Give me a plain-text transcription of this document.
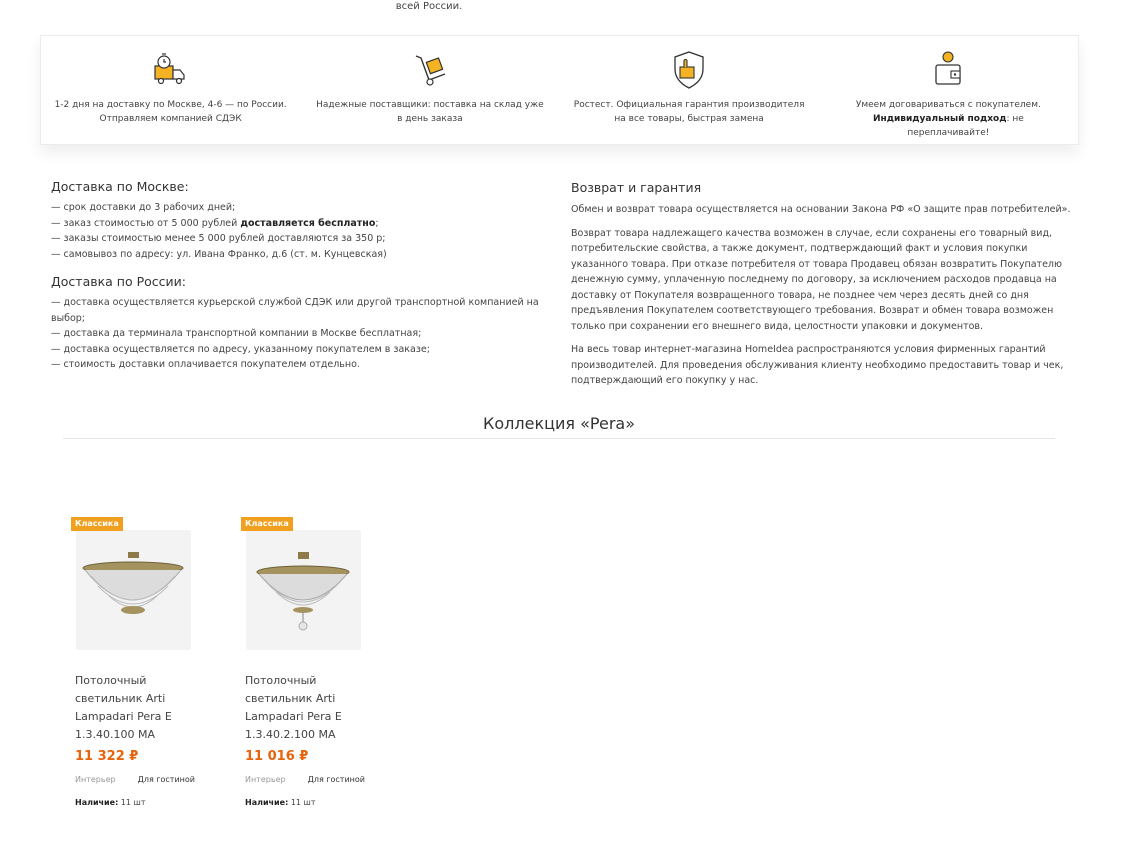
всей России.
1-2 дня на доставку по Москве, 4-6 — по России. Отправляем компанией СДЭК
Надежные поставщики: поставка на склад уже в день заказа
Ростест. Официальная гарантия производителя на все товары, быстрая замена
Умеем договариваться с покупателем.
Индивидуальный подход: не переплачивайте!
Доставка по Москве:

— срок доставки до 3 рабочих дней;

— заказ стоимостью от 5 000 рублей доставляется бесплатно;

— заказы стоимостью менее 5 000 рублей доставляются за 350 р;

— самовывоз по адресу: ул. Ивана Франко, д.6 (ст. м. Кунцевская)

Доставка по России:

— доставка осуществляется курьерской службой СДЭК или другой транспортной компанией на выбор;

— доставка да терминала транспортной компании в Москве бесплатная;

— доставка осуществляется по адресу, указанному покупателем в заказе;

— стоимость доставки оплачивается покупателем отдельно.

Возврат и гарантия

Обмен и возврат товара осуществляется на основании Закона РФ «О защите прав потребителей».

Возврат товара надлежащего качества возможен в случае, если сохранены его товарный вид, потребительские свойства, а также документ, подтверждающий факт и условия покупки указанного товара. При отказе потребителя от товара Продавец обязан возвратить Покупателю денежную сумму, уплаченную последнему по договору, за исключением расходов продавца на доставку от Покупателя возвращенного товара, не позднее чем через десять дней со дня предъявления Покупателем соответствующего требования. Возврат и обмен товара возможен только при сохранении его внешнего вида, целостности упаковки и документов.

На весь товар интернет-магазина HomeIdea распространяются условия фирменных гарантий производителей. Для проведения обслуживания клиенту необходимо предоставить товар и чек, подтверждающий его покупку у нас.

Коллекция «Pera»
Классика
Потолочный светильник Arti Lampadari Pera E 1.3.40.100 MA
11 322 ₽
Интерьер	Для гостиной
Наличие: 11 шт
Классика
Потолочный светильник Arti Lampadari Pera E 1.3.40.2.100 MA
11 016 ₽
Интерьер	Для гостиной
Наличие: 11 шт
